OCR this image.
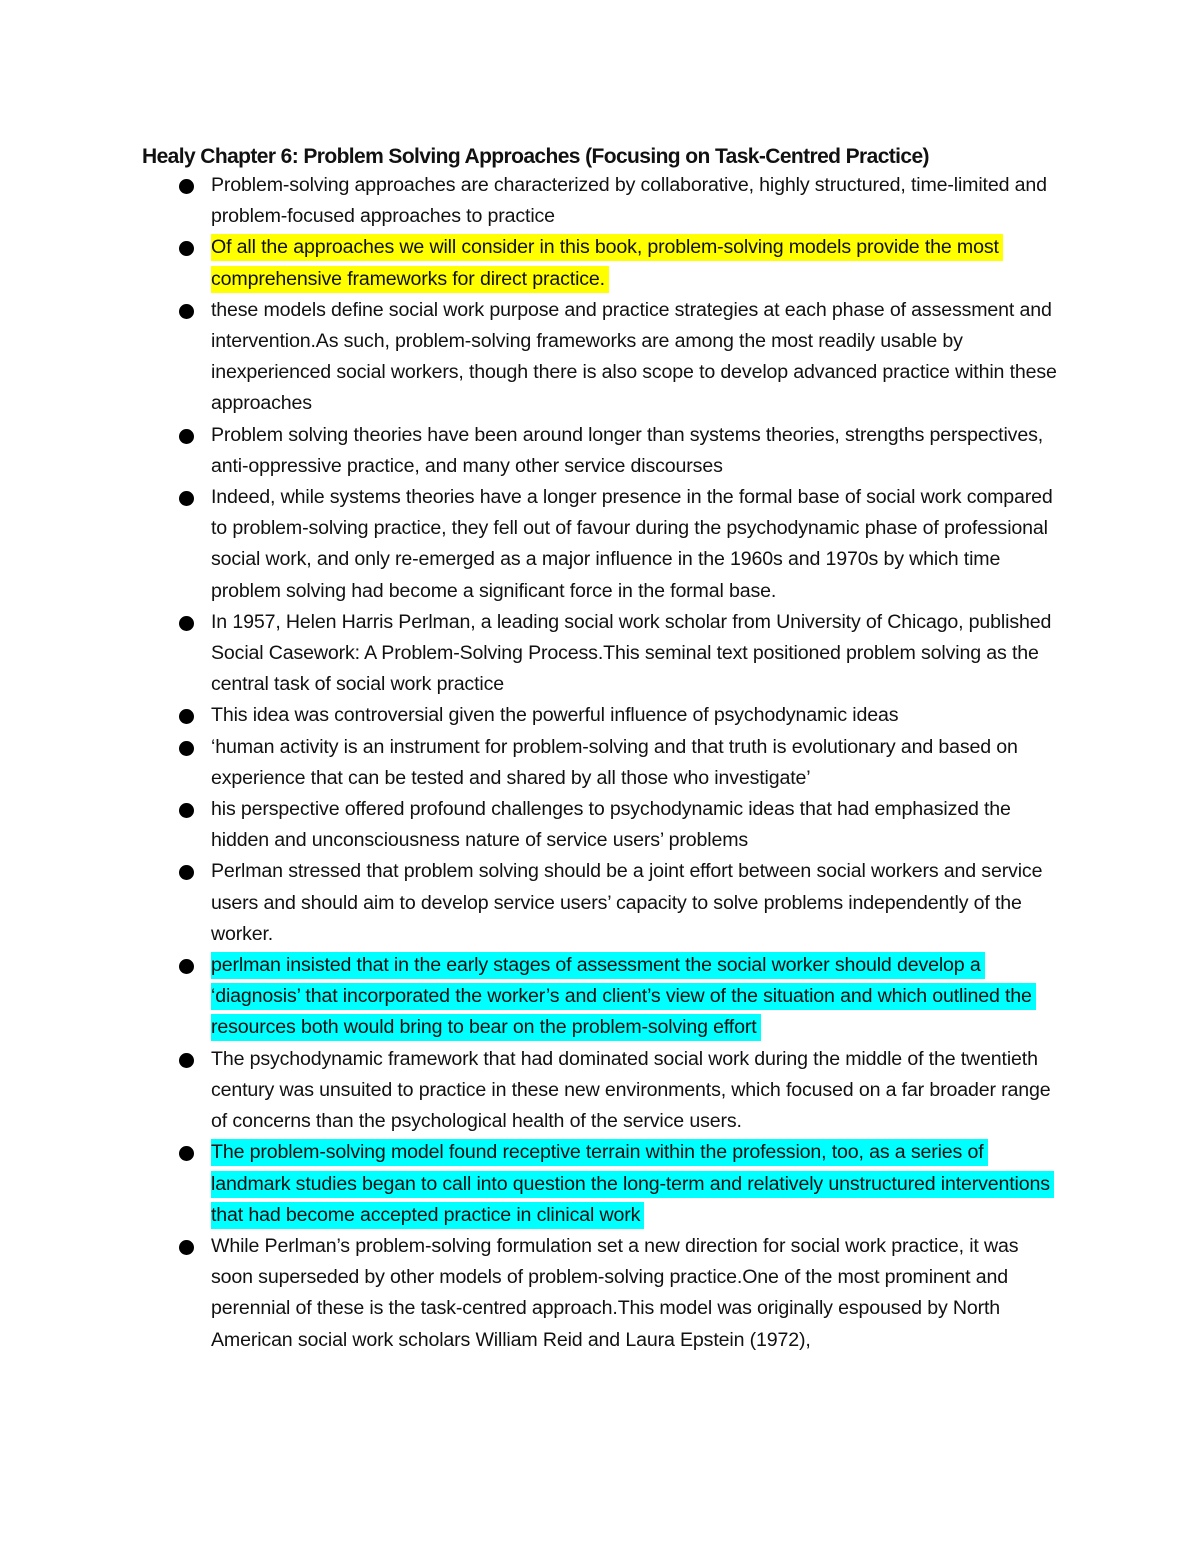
Healy Chapter 6: Problem Solving Approaches (Focusing on Task-Centred Practice)
Problem-solving approaches are characterized by collaborative, highly structured, time-limited and problem-focused approaches to practice
Of all the approaches we will consider in this book, problem-solving models provide the most comprehensive frameworks for direct practice.
these models define social work purpose and practice strategies at each phase of assessment and intervention.As such, problem-solving frameworks are among the most readily usable by inexperienced social workers, though there is also scope to develop advanced practice within these approaches
Problem solving theories have been around longer than systems theories, strengths perspectives, anti-oppressive practice, and many other service discourses
Indeed, while systems theories have a longer presence in the formal base of social work compared to problem-solving practice, they fell out of favour during the psychodynamic phase of professional social work, and only re-emerged as a major influence in the 1960s and 1970s by which time problem solving had become a significant force in the formal base.
In 1957, Helen Harris Perlman, a leading social work scholar from University of Chicago, published Social Casework: A Problem-Solving Process.This seminal text positioned problem solving as the central task of social work practice
This idea was controversial given the powerful influence of psychodynamic ideas
‘human activity is an instrument for problem-solving and that truth is evolutionary and based on experience that can be tested and shared by all those who investigate’
his perspective offered profound challenges to psychodynamic ideas that had emphasized the hidden and unconsciousness nature of service users’ problems
Perlman stressed that problem solving should be a joint effort between social workers and service users and should aim to develop service users’ capacity to solve problems independently of the worker.
perlman insisted that in the early stages of assessment the social worker should develop a ‘diagnosis’ that incorporated the worker’s and client’s view of the situation and which outlined the resources both would bring to bear on the problem-solving effort
The psychodynamic framework that had dominated social work during the middle of the twentieth century was unsuited to practice in these new environments, which focused on a far broader range of concerns than the psychological health of the service users.
The problem-solving model found receptive terrain within the profession, too, as a series of landmark studies began to call into question the long-term and relatively unstructured interventions that had become accepted practice in clinical work
While Perlman’s problem-solving formulation set a new direction for social work practice, it was soon superseded by other models of problem-solving practice.One of the most prominent and perennial of these is the task-centred approach.This model was originally espoused by North American social work scholars William Reid and Laura Epstein (1972),
